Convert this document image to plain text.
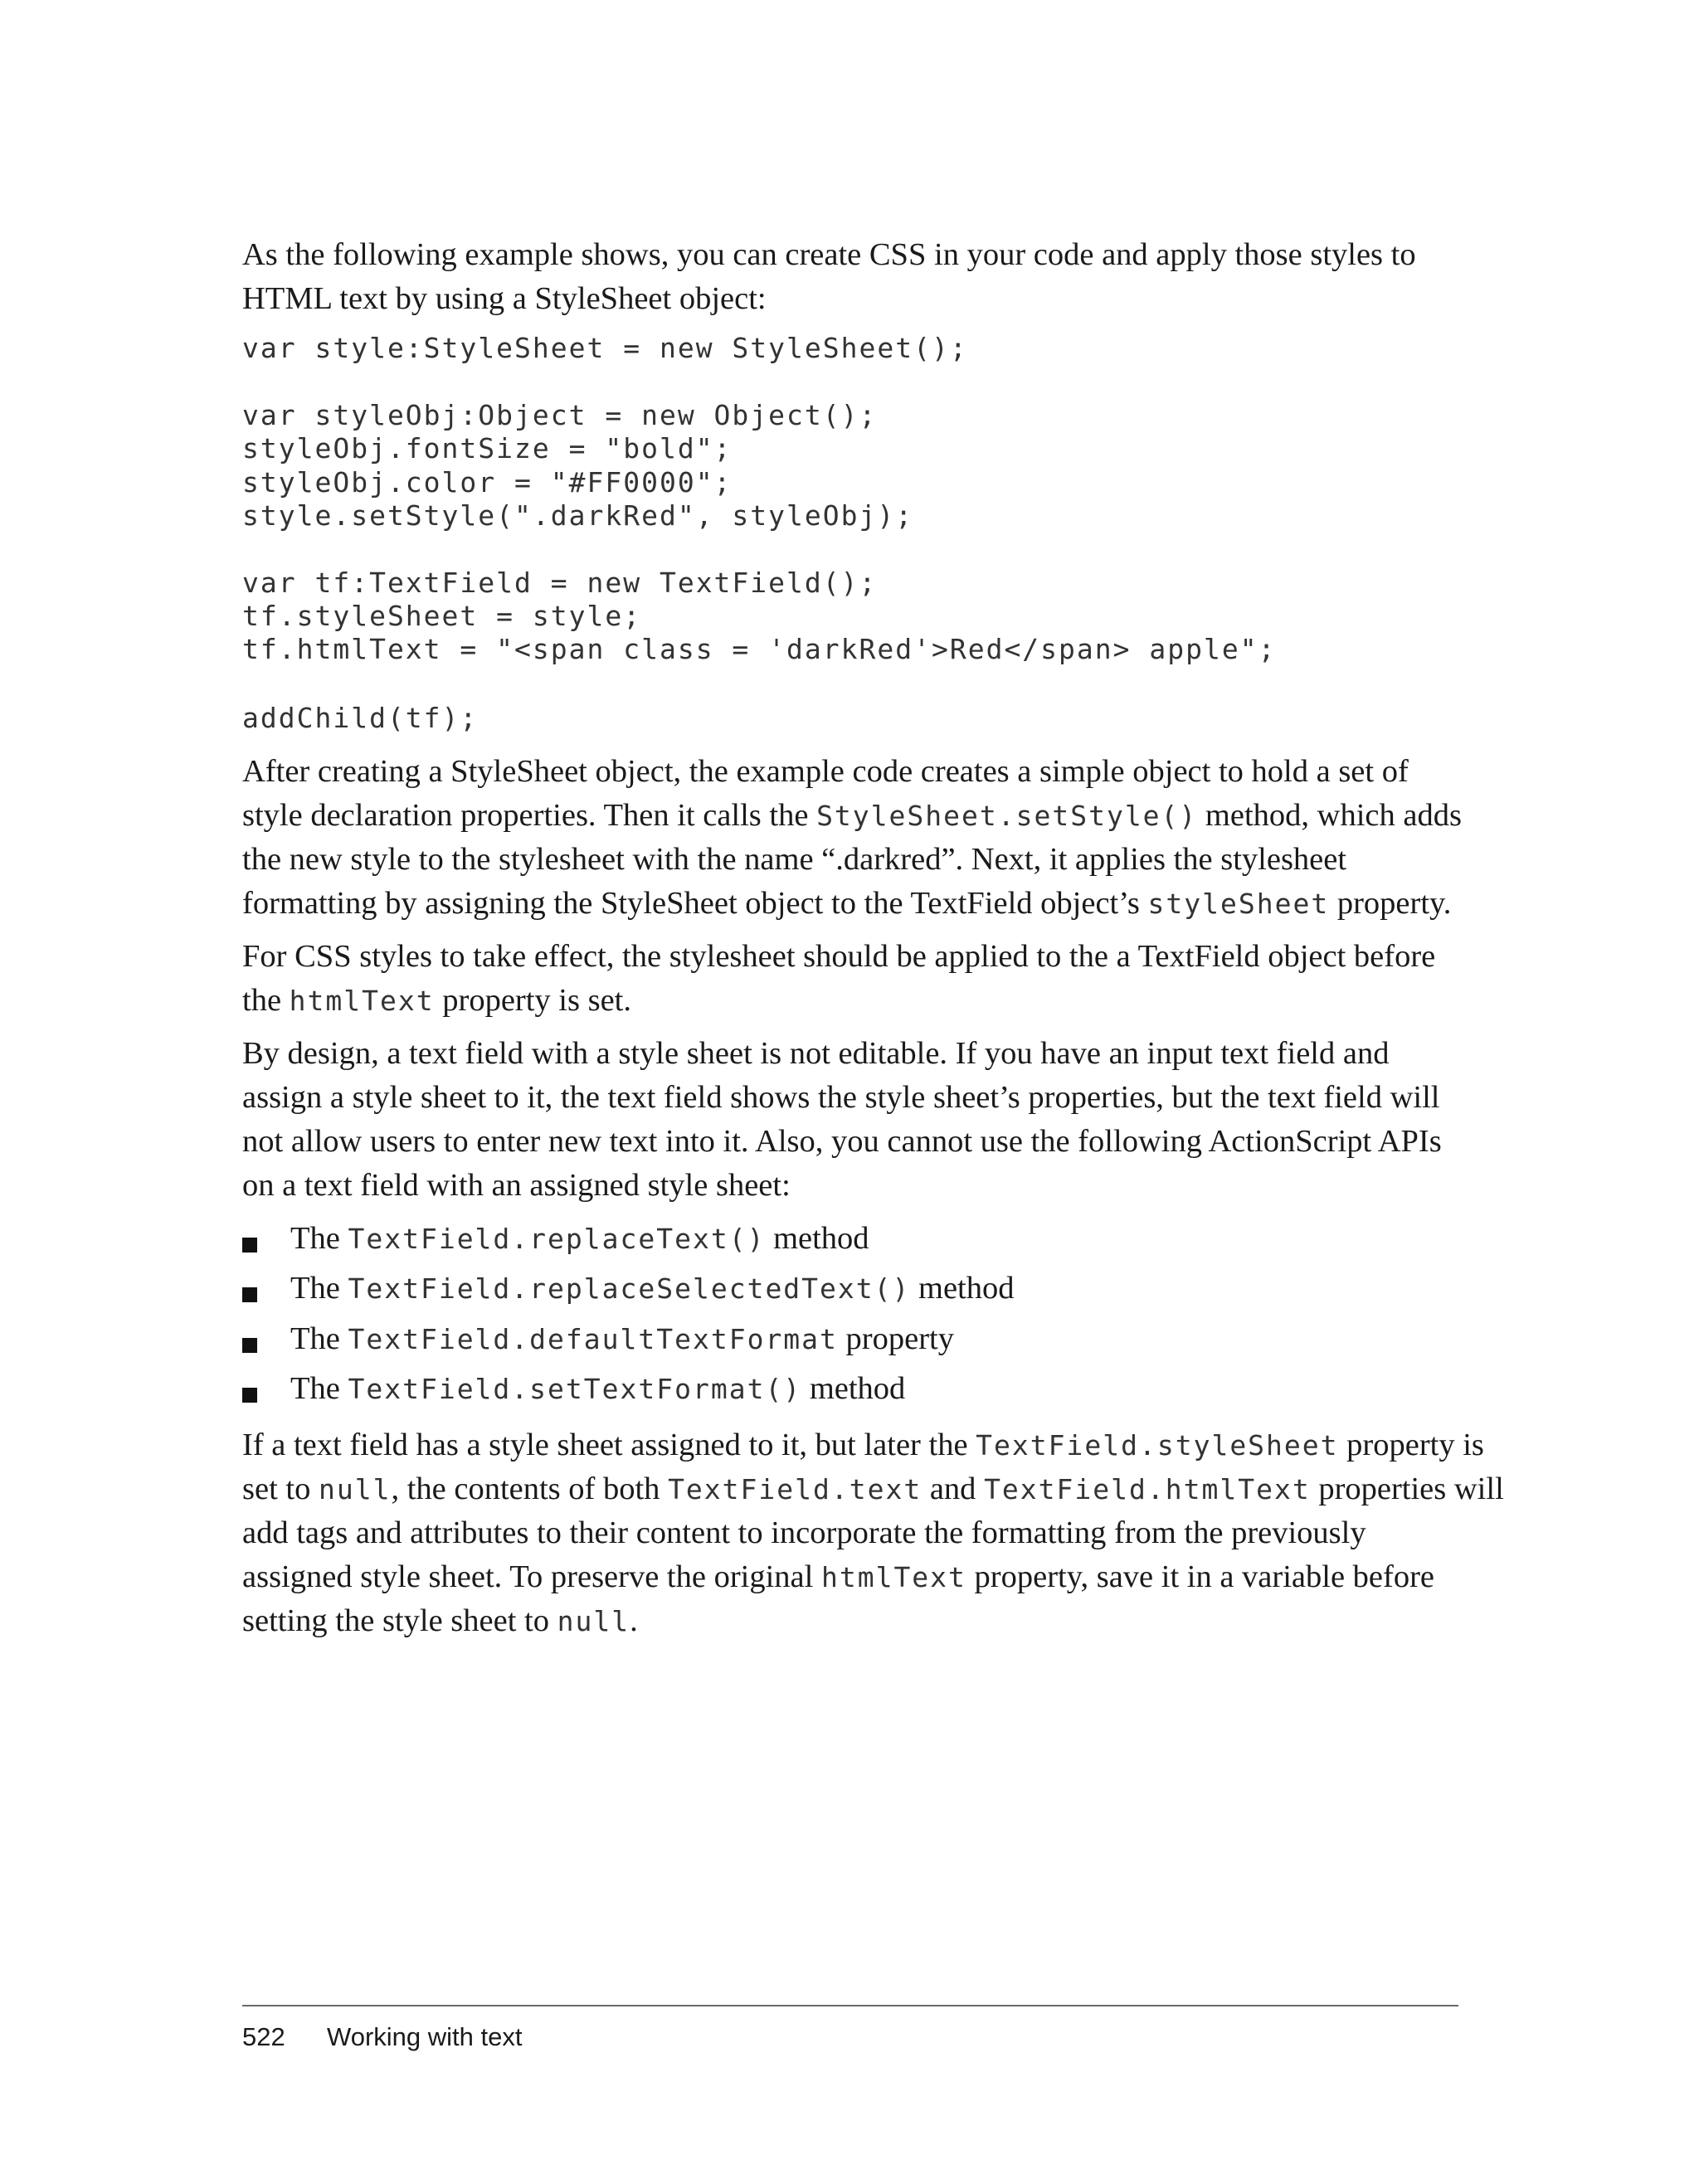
As the following example shows, you can create CSS in your code and apply those styles to
HTML text by using a StyleSheet object:
var style:StyleSheet = new StyleSheet();
var styleObj:Object = new Object();
styleObj.fontSize = "bold";
styleObj.color = "#FF0000";
style.setStyle(".darkRed", styleObj);
var tf:TextField = new TextField();
tf.styleSheet = style;
tf.htmlText = "<span class = 'darkRed'>Red</span> apple";
addChild(tf);
After creating a StyleSheet object, the example code creates a simple object to hold a set of
style declaration properties. Then it calls the StyleSheet.setStyle() method, which adds
the new style to the stylesheet with the name “.darkred”. Next, it applies the stylesheet
formatting by assigning the StyleSheet object to the TextField object’s styleSheet property.
For CSS styles to take effect, the stylesheet should be applied to the a TextField object before
the htmlText property is set.
By design, a text field with a style sheet is not editable. If you have an input text field and
assign a style sheet to it, the text field shows the style sheet’s properties, but the text field will
not allow users to enter new text into it. Also, you cannot use the following ActionScript APIs
on a text field with an assigned style sheet:
The TextField.replaceText() method
The TextField.replaceSelectedText() method
The TextField.defaultTextFormat property
The TextField.setTextFormat() method
If a text field has a style sheet assigned to it, but later the TextField.styleSheet property is
set to null, the contents of both TextField.text and TextField.htmlText properties will
add tags and attributes to their content to incorporate the formatting from the previously
assigned style sheet. To preserve the original htmlText property, save it in a variable before
setting the style sheet to null.
522 Working with text
